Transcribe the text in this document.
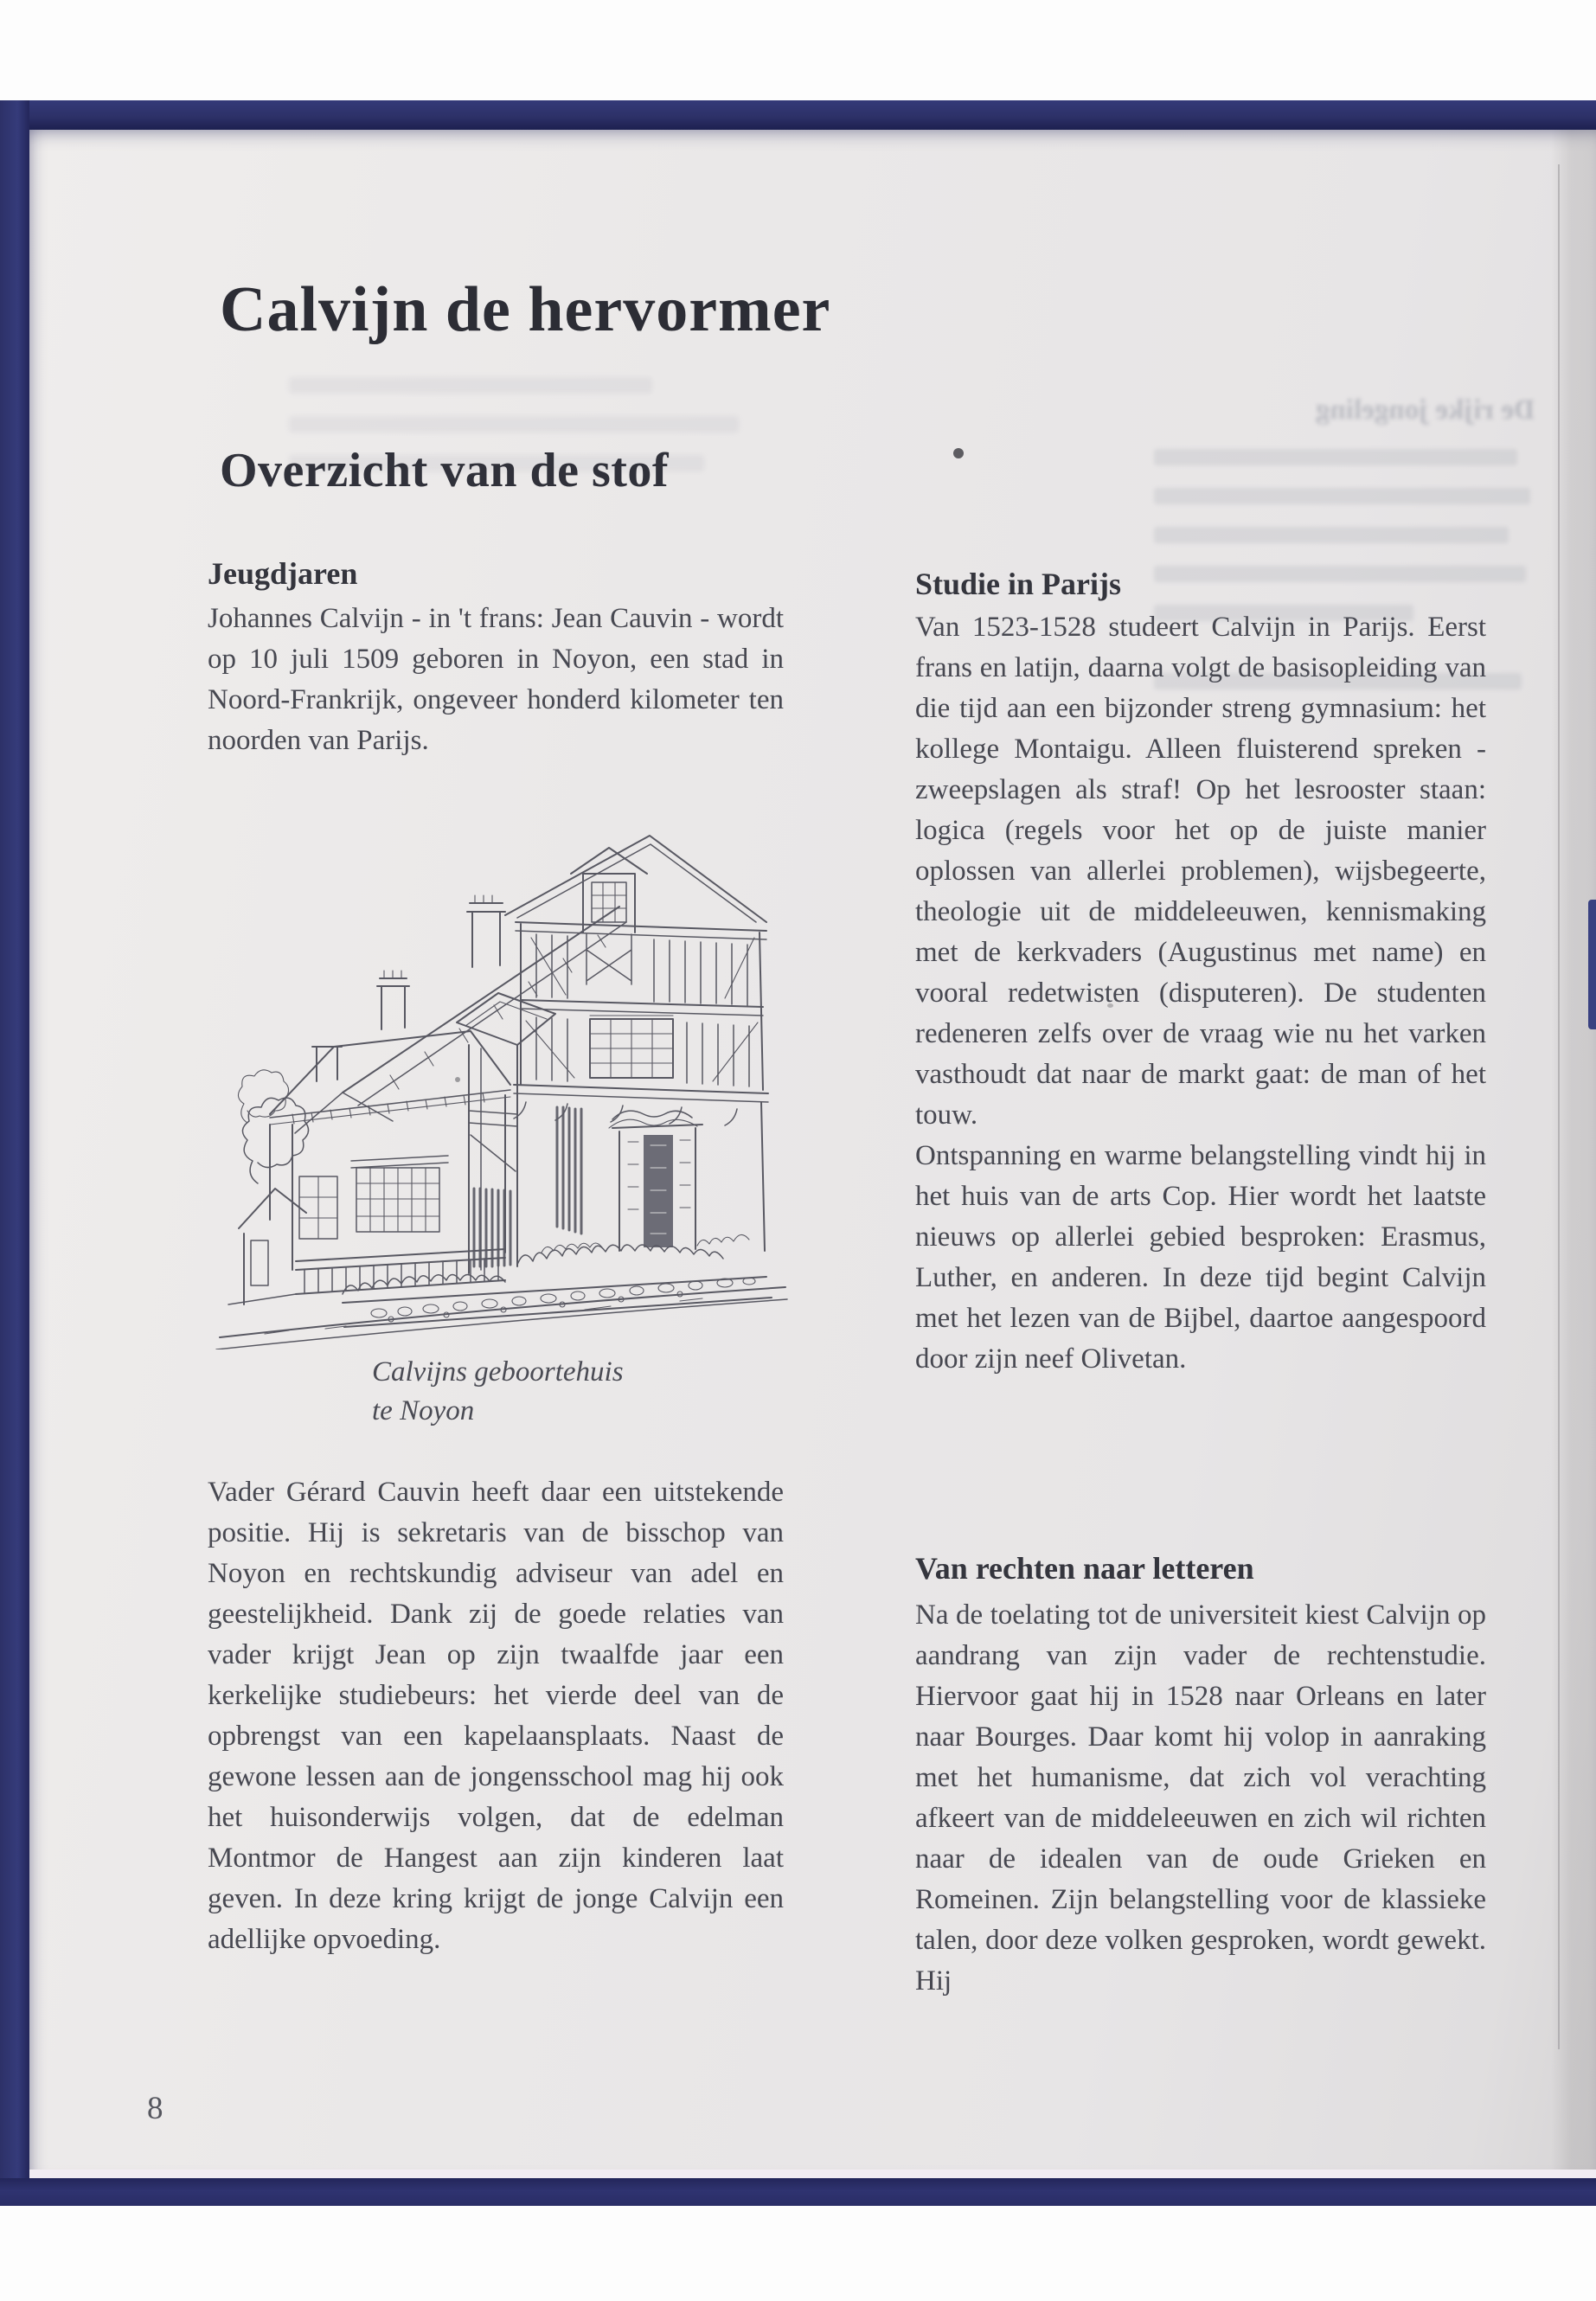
De rijke jongeling
Calvijn de hervormer
Overzicht van de stof
Jeugdjaren
Johannes Calvijn - in 't frans: Jean Cauvin - wordt op 10 juli 1509 geboren in Noyon, een stad in Noord-Frankrijk, ongeveer honderd kilometer ten noorden van Parijs.
Calvijns geboortehuis
te Noyon
Vader Gérard Cauvin heeft daar een uitstekende positie. Hij is sekretaris van de bisschop van Noyon en rechtskundig adviseur van adel en geestelijkheid. Dank zij de goede relaties van vader krijgt Jean op zijn twaalfde jaar een kerkelijke studiebeurs: het vierde deel van de opbrengst van een kapelaansplaats. Naast de gewone lessen aan de jongensschool mag hij ook het huisonderwijs volgen, dat de edelman Montmor de Hangest aan zijn kinderen laat geven. In deze kring krijgt de jonge Calvijn een adellijke opvoeding.
Studie in Parijs

Van 1523-1528 studeert Calvijn in Parijs. Eerst frans en latijn, daarna volgt de basisopleiding van die tijd aan een bijzonder streng gymnasium: het kollege Montaigu. Alleen fluisterend spreken - zweepslagen als straf! Op het lesrooster staan: logica (regels voor het op de juiste manier oplossen van allerlei problemen), wijsbegeerte, theologie uit de middeleeuwen, kennismaking met de kerkvaders (Augustinus met name) en vooral redetwisten (disputeren). De studenten redeneren zelfs over de vraag wie nu het varken vasthoudt dat naar de markt gaat: de man of het touw.

Ontspanning en warme belangstelling vindt hij in het huis van de arts Cop. Hier wordt het laatste nieuws op allerlei gebied besproken: Erasmus, Luther, en anderen. In deze tijd begint Calvijn met het lezen van de Bijbel, daartoe aangespoord door zijn neef Olivetan.

Van rechten naar letteren
Na de toelating tot de universiteit kiest Calvijn op aandrang van zijn vader de rechtenstudie. Hiervoor gaat hij in 1528 naar Orleans en later naar Bourges. Daar komt hij volop in aanraking met het humanisme, dat zich vol verachting afkeert van de middeleeuwen en zich wil richten naar de idealen van de oude Grieken en Romeinen. Zijn belangstelling voor de klassieke talen, door deze volken gesproken, wordt gewekt. Hij
8
